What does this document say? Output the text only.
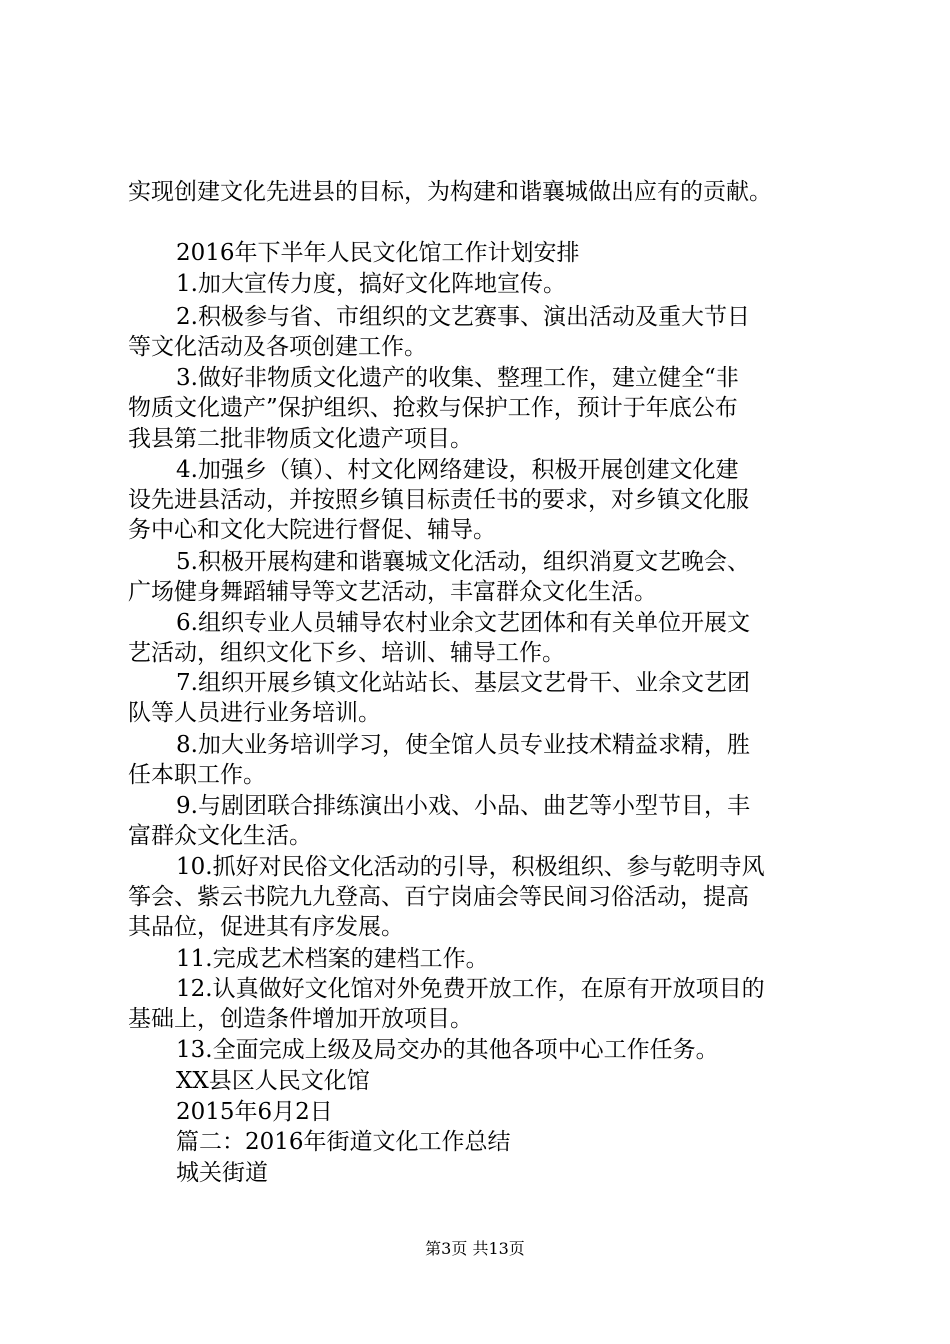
实现创建文化先进县的目标，为构建和谐襄城做出应有的贡献。
2016年下半年人民文化馆工作计划安排
1.加大宣传力度，搞好文化阵地宣传。
2.积极参与省、市组织的文艺赛事、演出活动及重大节日
等文化活动及各项创建工作。
3.做好非物质文化遗产的收集、整理工作，建立健全“非
物质文化遗产”保护组织、抢救与保护工作，预计于年底公布
我县第二批非物质文化遗产项目。
4.加强乡（镇）、村文化网络建设，积极开展创建文化建
设先进县活动，并按照乡镇目标责任书的要求，对乡镇文化服
务中心和文化大院进行督促、辅导。
5.积极开展构建和谐襄城文化活动，组织消夏文艺晚会、
广场健身舞蹈辅导等文艺活动，丰富群众文化生活。
6.组织专业人员辅导农村业余文艺团体和有关单位开展文
艺活动，组织文化下乡、培训、辅导工作。
7.组织开展乡镇文化站站长、基层文艺骨干、业余文艺团
队等人员进行业务培训。
8.加大业务培训学习，使全馆人员专业技术精益求精，胜
任本职工作。
9.与剧团联合排练演出小戏、小品、曲艺等小型节目，丰
富群众文化生活。
10.抓好对民俗文化活动的引导，积极组织、参与乾明寺风
筝会、紫云书院九九登高、百宁岗庙会等民间习俗活动，提高
其品位，促进其有序发展。
11.完成艺术档案的建档工作。
12.认真做好文化馆对外免费开放工作，在原有开放项目的
基础上，创造条件增加开放项目。
13.全面完成上级及局交办的其他各项中心工作任务。
XX县区人民文化馆
2015年6月2日
篇二：2016年街道文化工作总结
城关街道
第3页 共13页
